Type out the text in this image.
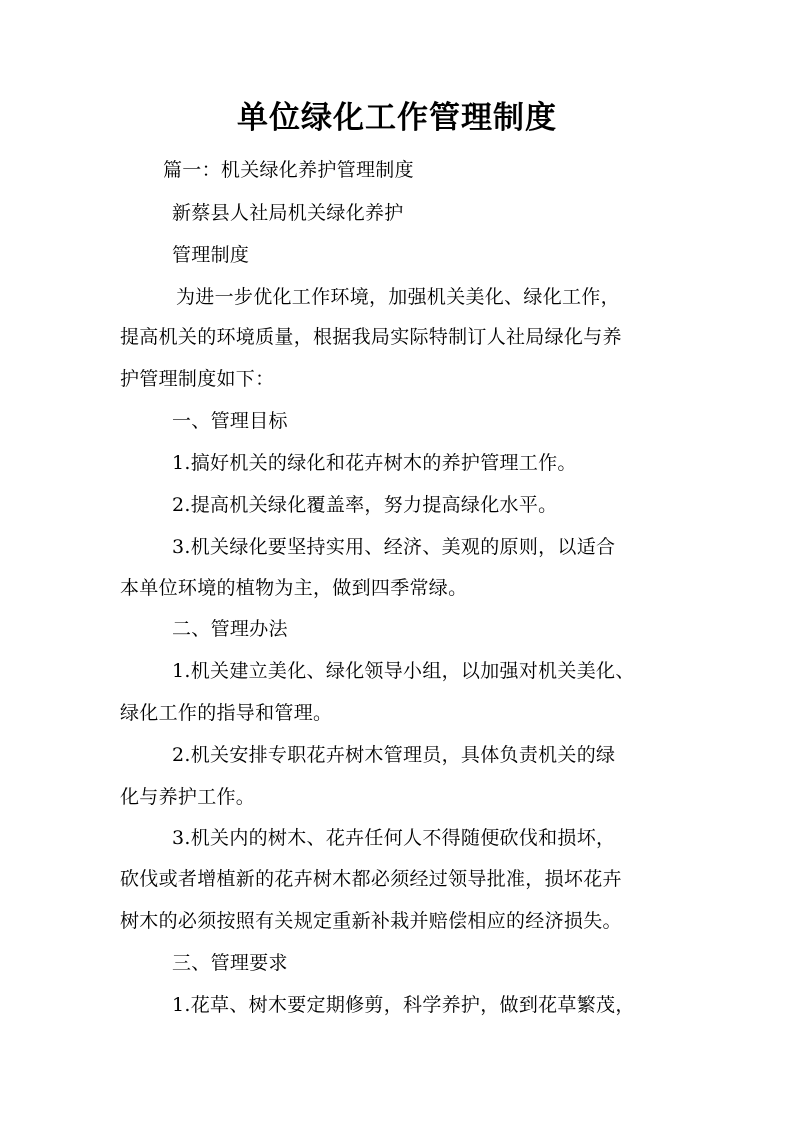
单位绿化工作管理制度
篇一：机关绿化养护管理制度
新蔡县人社局机关绿化养护
管理制度
为进一步优化工作环境，加强机关美化、绿化工作，
提高机关的环境质量，根据我局实际特制订人社局绿化与养
护管理制度如下：
一、管理目标
1.搞好机关的绿化和花卉树木的养护管理工作。
2.提高机关绿化覆盖率，努力提高绿化水平。
3.机关绿化要坚持实用、经济、美观的原则，以适合
本单位环境的植物为主，做到四季常绿。
二、管理办法
1.机关建立美化、绿化领导小组，以加强对机关美化、
绿化工作的指导和管理。
2.机关安排专职花卉树木管理员，具体负责机关的绿
化与养护工作。
3.机关内的树木、花卉任何人不得随便砍伐和损坏，
砍伐或者增植新的花卉树木都必须经过领导批准，损坏花卉
树木的必须按照有关规定重新补栽并赔偿相应的经济损失。
三、管理要求
1.花草、树木要定期修剪，科学养护，做到花草繁茂，
